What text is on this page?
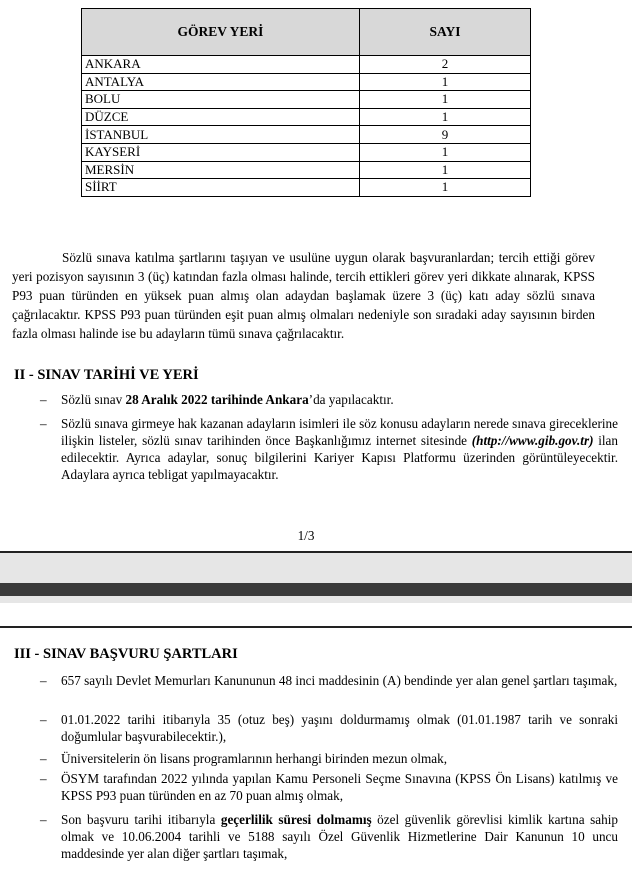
GÖREV YERİ	SAYI
ANKARA	2
ANTALYA	1
BOLU	1
DÜZCE	1
İSTANBUL	9
KAYSERİ	1
MERSİN	1
SİİRT	1

Sözlü sınava katılma şartlarını taşıyan ve usulüne uygun olarak başvuranlardan; tercih ettiği görev yeri pozisyon sayısının 3 (üç) katından fazla olması halinde, tercih ettikleri görev yeri dikkate alınarak, KPSS P93 puan türünden en yüksek puan almış olan adaydan başlamak üzere 3 (üç) katı aday sözlü sınava çağrılacaktır. KPSS P93 puan türünden eşit puan almış olmaları nedeniyle son sıradaki aday sayısının birden fazla olması halinde ise bu adayların tümü sınava çağrılacaktır.

II - SINAV TARİHİ VE YERİ

– Sözlü sınav 28 Aralık 2022 tarihinde Ankara’da yapılacaktır.

– Sözlü sınava girmeye hak kazanan adayların isimleri ile söz konusu adayların nerede sınava gireceklerine ilişkin listeler, sözlü sınav tarihinden önce Başkanlığımız internet sitesinde (http://www.gib.gov.tr) ilan edilecektir. Ayrıca adaylar, sonuç bilgilerini Kariyer Kapısı Platformu üzerinden görüntüleyecektir. Adaylara ayrıca tebligat yapılmayacaktır.

1/3
III - SINAV BAŞVURU ŞARTLARI

– 657 sayılı Devlet Memurları Kanununun 48 inci maddesinin (A) bendinde yer alan genel şartları taşımak,

– 01.01.2022 tarihi itibarıyla 35 (otuz beş) yaşını doldurmamış olmak (01.01.1987 tarih ve sonraki doğumlular başvurabilecektir.),

– Üniversitelerin ön lisans programlarının herhangi birinden mezun olmak,

– ÖSYM tarafından 2022 yılında yapılan Kamu Personeli Seçme Sınavına (KPSS Ön Lisans) katılmış ve KPSS P93 puan türünden en az 70 puan almış olmak,

– Son başvuru tarihi itibarıyla geçerlilik süresi dolmamış özel güvenlik görevlisi kimlik kartına sahip olmak ve 10.06.2004 tarihli ve 5188 sayılı Özel Güvenlik Hizmetlerine Dair Kanunun 10 uncu maddesinde yer alan diğer şartları taşımak,
